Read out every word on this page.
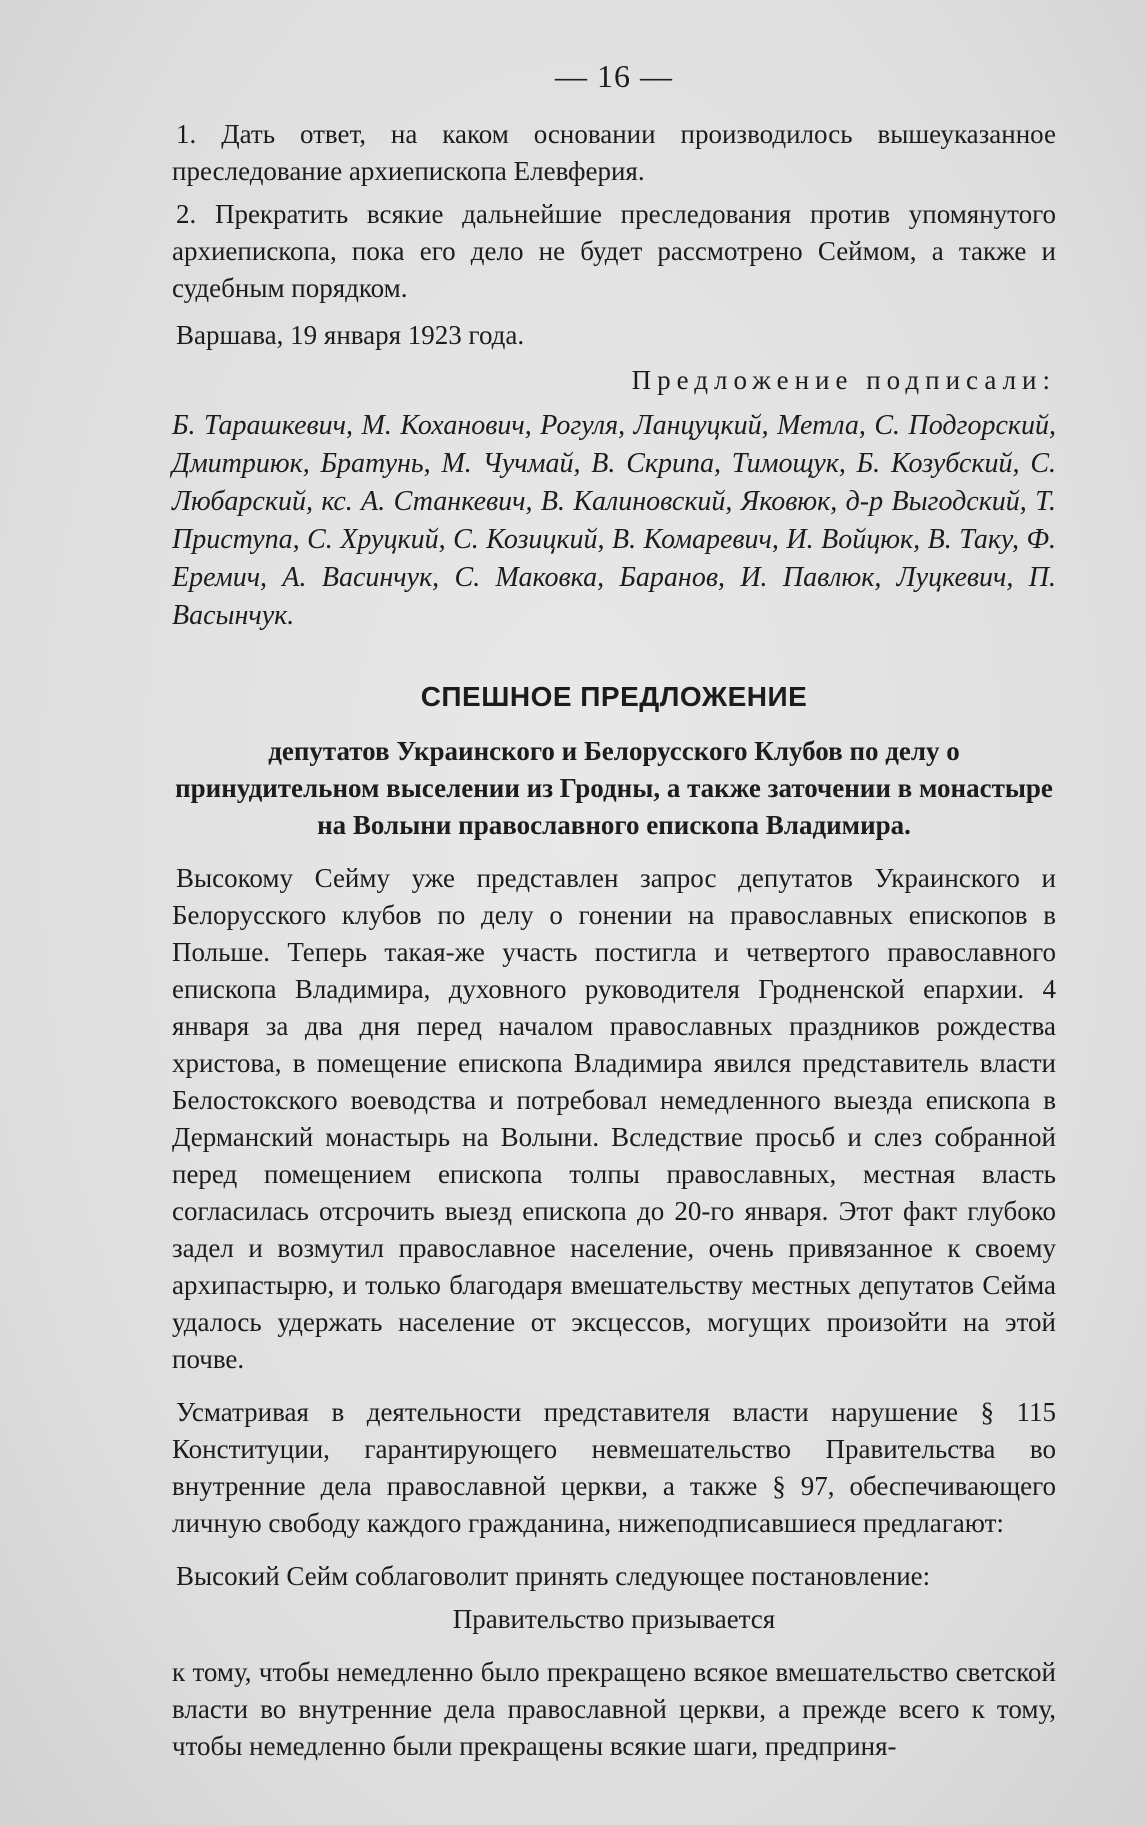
— 16 —

1. Дать ответ, на каком основании производилось вышеуказанное преследование архиепископа Елевферия.

2. Прекратить всякие дальнейшие преследования против упомянутого архиепископа, пока его дело не будет рассмотрено Сеймом, а также и судебным порядком.

Варшава, 19 января 1923 года.

Предложение подписали:

Б. Тарашкевич, М. Коханович, Рогуля, Ланцуцкий, Метла, С. Подгорский, Дмитриюк, Братунь, М. Чучмай, В. Скрипа, Тимощук, Б. Козубский, С. Любарский, кс. А. Станкевич, В. Калиновский, Яковюк, д-р Выгодский, Т. Приступа, С. Хруцкий, С. Козицкий, В. Комаревич, И. Войцюк, В. Таку, Ф. Еремич, А. Васинчук, С. Маковка, Баранов, И. Павлюк, Луцкевич, П. Васынчук.

СПЕШНОЕ ПРЕДЛОЖЕНИЕ
депутатов Украинского и Белорусского Клубов по делу о принудительном выселении из Гродны, а также заточении в монастыре на Волыни православного епископа Владимира.

Высокому Сейму уже представлен запрос депутатов Украинского и Белорусского клубов по делу о гонении на православных епископов в Польше. Теперь такая-же участь постигла и четвертого православного епископа Владимира, духовного руководителя Гродненской епархии. 4 января за два дня перед началом православных праздников рождества христова, в помещение епископа Владимира явился представитель власти Белостокского воеводства и потребовал немедленного выезда епископа в Дерманский монастырь на Волыни. Вследствие просьб и слез собранной перед помещением епископа толпы православных, местная власть согласилась отсрочить выезд епископа до 20-го января. Этот факт глубоко задел и возмутил православное население, очень привязанное к своему архипастырю, и только благодаря вмешательству местных депутатов Сейма удалось удержать население от эксцессов, могущих произойти на этой почве.

Усматривая в деятельности представителя власти нарушение § 115 Конституции, гарантирующего невмешательство Правительства во внутренние дела православной церкви, а также § 97, обеспечивающего личную свободу каждого гражданина, нижеподписавшиеся предлагают:

Высокий Сейм соблаговолит принять следующее постановление:

Правительство призывается

к тому, чтобы немедленно было прекращено всякое вмешательство светской власти во внутренние дела православной церкви, а прежде всего к тому, чтобы немедленно были прекращены всякие шаги, предприня-
